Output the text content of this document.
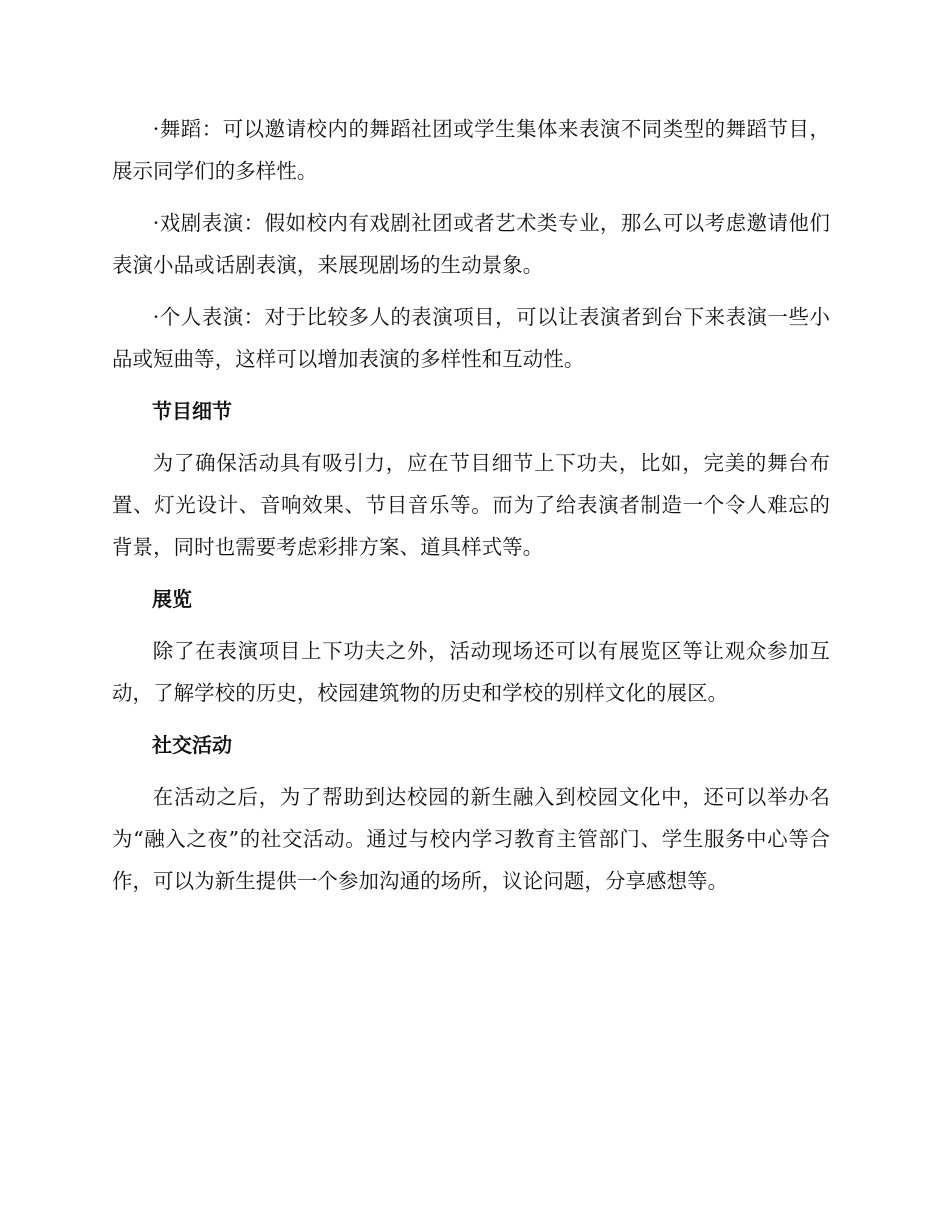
·舞蹈：可以邀请校内的舞蹈社团或学生集体来表演不同类型的舞蹈节目，展示同学们的多样性。

·戏剧表演：假如校内有戏剧社团或者艺术类专业，那么可以考虑邀请他们表演小品或话剧表演，来展现剧场的生动景象。

·个人表演：对于比较多人的表演项目，可以让表演者到台下来表演一些小品或短曲等，这样可以增加表演的多样性和互动性。

节目细节

为了确保活动具有吸引力，应在节目细节上下功夫，比如，完美的舞台布置、灯光设计、音响效果、节目音乐等。而为了给表演者制造一个令人难忘的背景，同时也需要考虑彩排方案、道具样式等。

展览

除了在表演项目上下功夫之外，活动现场还可以有展览区等让观众参加互动，了解学校的历史，校园建筑物的历史和学校的别样文化的展区。

社交活动

在活动之后，为了帮助到达校园的新生融入到校园文化中，还可以举办名为“融入之夜”的社交活动。通过与校内学习教育主管部门、学生服务中心等合作，可以为新生提供一个参加沟通的场所，议论问题，分享感想等。
